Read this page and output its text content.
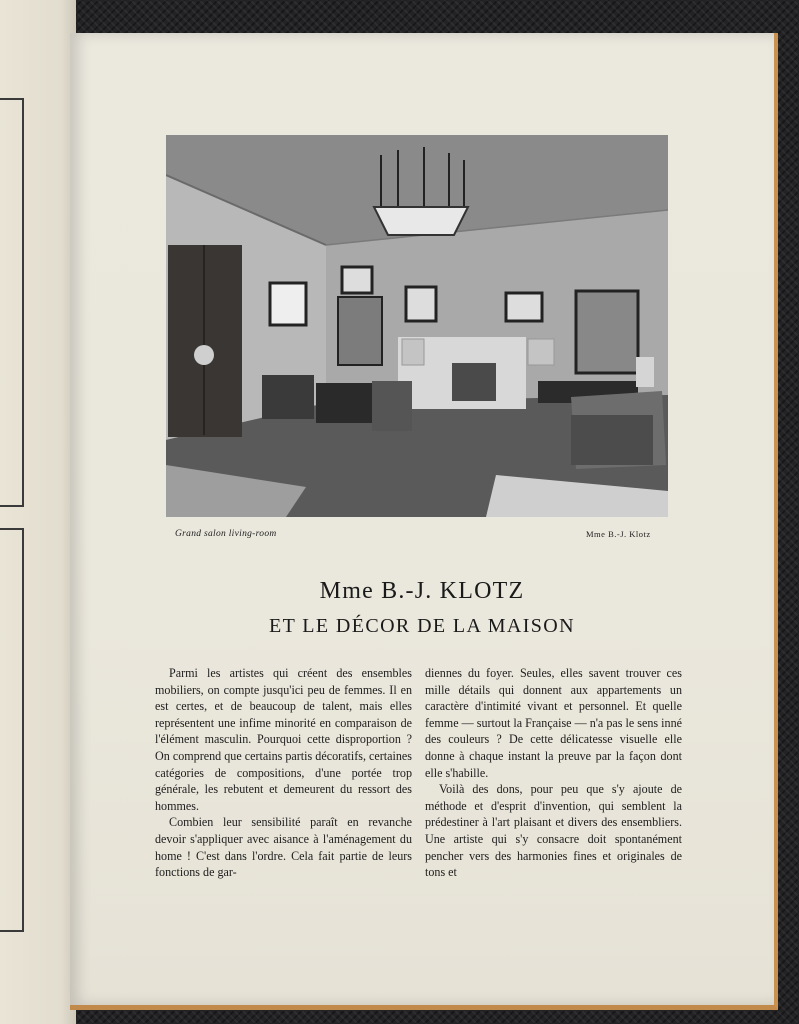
Grand salon living-room	Mme B.-J. Klotz
Mme B.-J. KLOTZ
ET LE DÉCOR DE LA MAISON

Parmi les artistes qui créent des ensembles mobiliers, on compte jusqu'ici peu de femmes. Il en est certes, et de beaucoup de talent, mais elles représentent une infime minorité en comparaison de l'élément masculin. Pourquoi cette disproportion ? On comprend que certains partis décoratifs, certaines catégories de compositions, d'une portée trop générale, les rebutent et demeurent du ressort des hommes.

Combien leur sensibilité paraît en revanche devoir s'appliquer avec aisance à l'aménagement du home ! C'est dans l'ordre. Cela fait partie de leurs fonctions de gar-

diennes du foyer. Seules, elles savent trouver ces mille détails qui donnent aux appartements un caractère d'intimité vivant et personnel. Et quelle femme — surtout la Française — n'a pas le sens inné des couleurs ? De cette délicatesse visuelle elle donne à chaque instant la preuve par la façon dont elle s'habille.

Voilà des dons, pour peu que s'y ajoute de méthode et d'esprit d'invention, qui semblent la prédestiner à l'art plaisant et divers des ensembliers. Une artiste qui s'y consacre doit spontanément pencher vers des harmonies fines et originales de tons et
